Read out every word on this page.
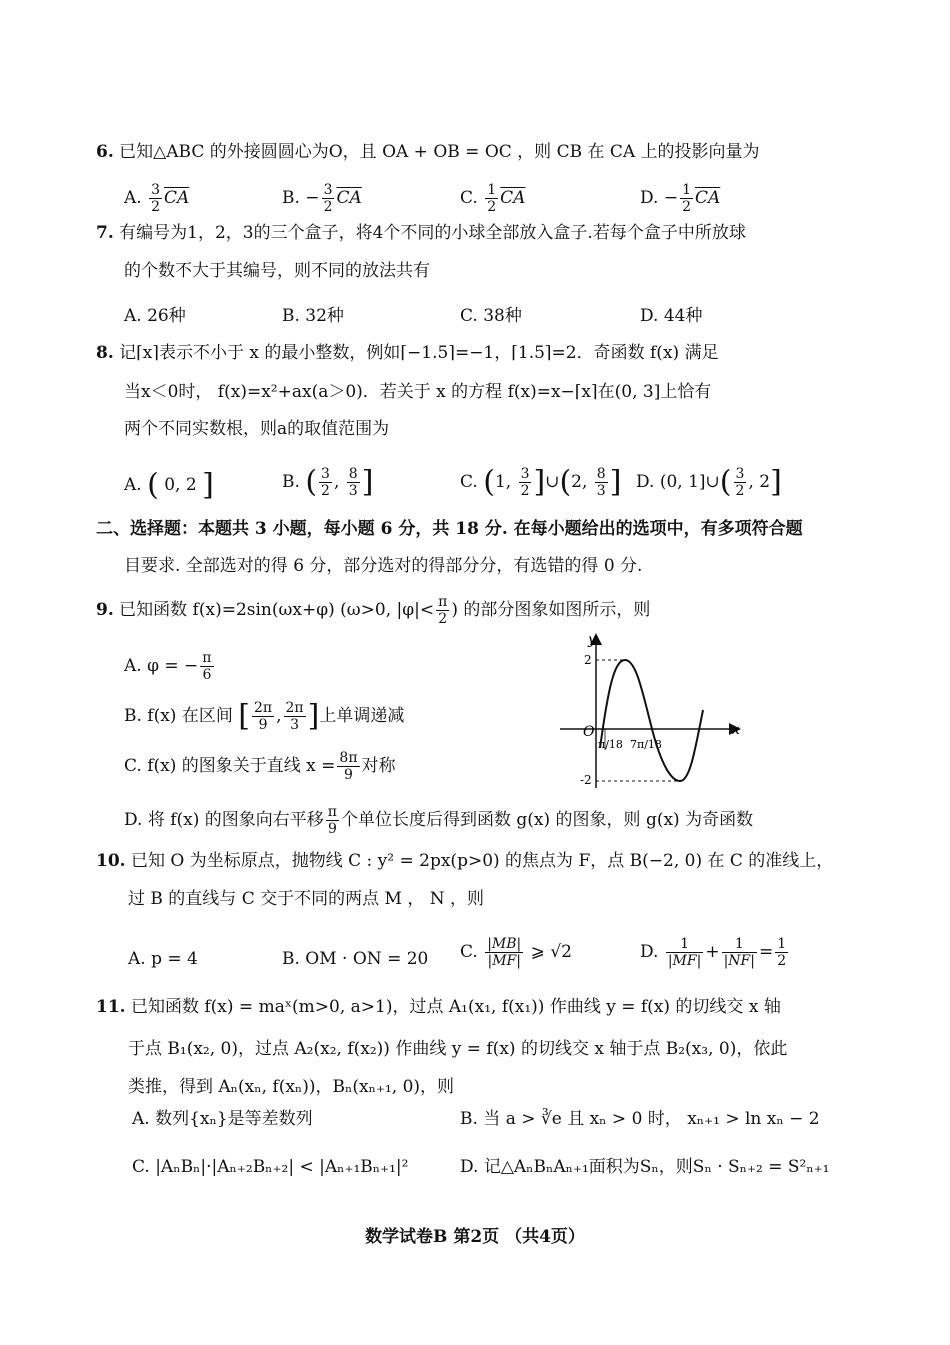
6. 已知△ABC 的外接圆圆心为O，且 OA + OB = OC ，则 CB 在 CA 上的投影向量为
A. $\frac{3}{2} \overline{CA}$	B. − $\frac{3}{2} \overline{CA}$	C. $\frac{1}{2} \overline{CA}$	D. − $\frac{1}{2} \overline{CA}$
7. 有编号为1，2，3的三个盒子，将4个不同的小球全部放入盒子.若每个盒子中所放球
的个数不大于其编号，则不同的放法共有
A. 26种	B. 32种	C. 38种	D. 44种
8. 记⌈x⌉表示不小于 x 的最小整数，例如⌈−1.5⌉=−1，⌈1.5⌉=2．奇函数 f(x) 满足
当x＜0时， f(x)=x²+ax(a＞0)．若关于 x 的方程 f(x)=x−⌈x⌉在(0, 3]上恰有
两个不同实数根，则a的取值范围为
A. ( 0, 2 ]	B. ( $\frac{3}{2}$ , $\frac{8}{3}$ ]	C. (1, $\frac{3}{2}$ ]∪(2, $\frac{8}{3}$ ] D. (0, 1]∪( $\frac{3}{2}$ , 2]
二、选择题：本题共 3 小题，每小题 6 分，共 18 分. 在每小题给出的选项中，有多项符合题
目要求. 全部选对的得 6 分，部分选对的得部分分，有选错的得 0 分.
9. 已知函数 f(x)=2sin(ωx+φ) (ω>0, $|\varphi|< \frac{\pi}{2}$ ) 的部分图象如图所示，则
A. φ = − $\frac{\pi}{6}$
B. f(x) 在区间 [ $\frac{2\pi}{9}$ , $\frac{2\pi}{3}$ ]上单调递减
C. f(x) 的图象关于直线 $x = \frac{8\pi}{9}$ 对称
D. 将 f(x) 的图象向右平移 $\frac{\pi}{9}$ 个单位长度后得到函数 g(x) 的图象，则 g(x) 为奇函数
y
x
O
2
-2
π/18 7π/18
10. 已知 O 为坐标原点，抛物线 C : y² = 2px(p>0) 的焦点为 F，点 B(−2, 0) 在 C 的准线上，
过 B 的直线与 C 交于不同的两点 M ， N ，则
A. p = 4	B. OM · ON = 20 C. $\frac{|MB|}{|MF|}$ ⩾ √2	D. $\frac{1}{|MF|} + \frac{1}{|NF|} = \frac{1}{2}$
11. 已知函数 f(x) = maˣ(m>0, a>1)，过点 A₁(x₁, f(x₁)) 作曲线 y = f(x) 的切线交 x 轴
于点 B₁(x₂, 0)，过点 A₂(x₂, f(x₂)) 作曲线 y = f(x) 的切线交 x 轴于点 B₂(x₃, 0)，依此
类推，得到 Aₙ(xₙ, f(xₙ))，Bₙ(xₙ₊₁, 0)，则
A. 数列{xₙ}是等差数列	B. 当 a > ∛e 且 xₙ > 0 时， xₙ₊₁ > ln xₙ − 2
C. |AₙBₙ|·|Aₙ₊₂Bₙ₊₂| < |Aₙ₊₁Bₙ₊₁|²	D. 记△AₙBₙAₙ₊₁面积为Sₙ，则Sₙ · Sₙ₊₂ = S²ₙ₊₁
数学试卷B 第2页 （共4页）
